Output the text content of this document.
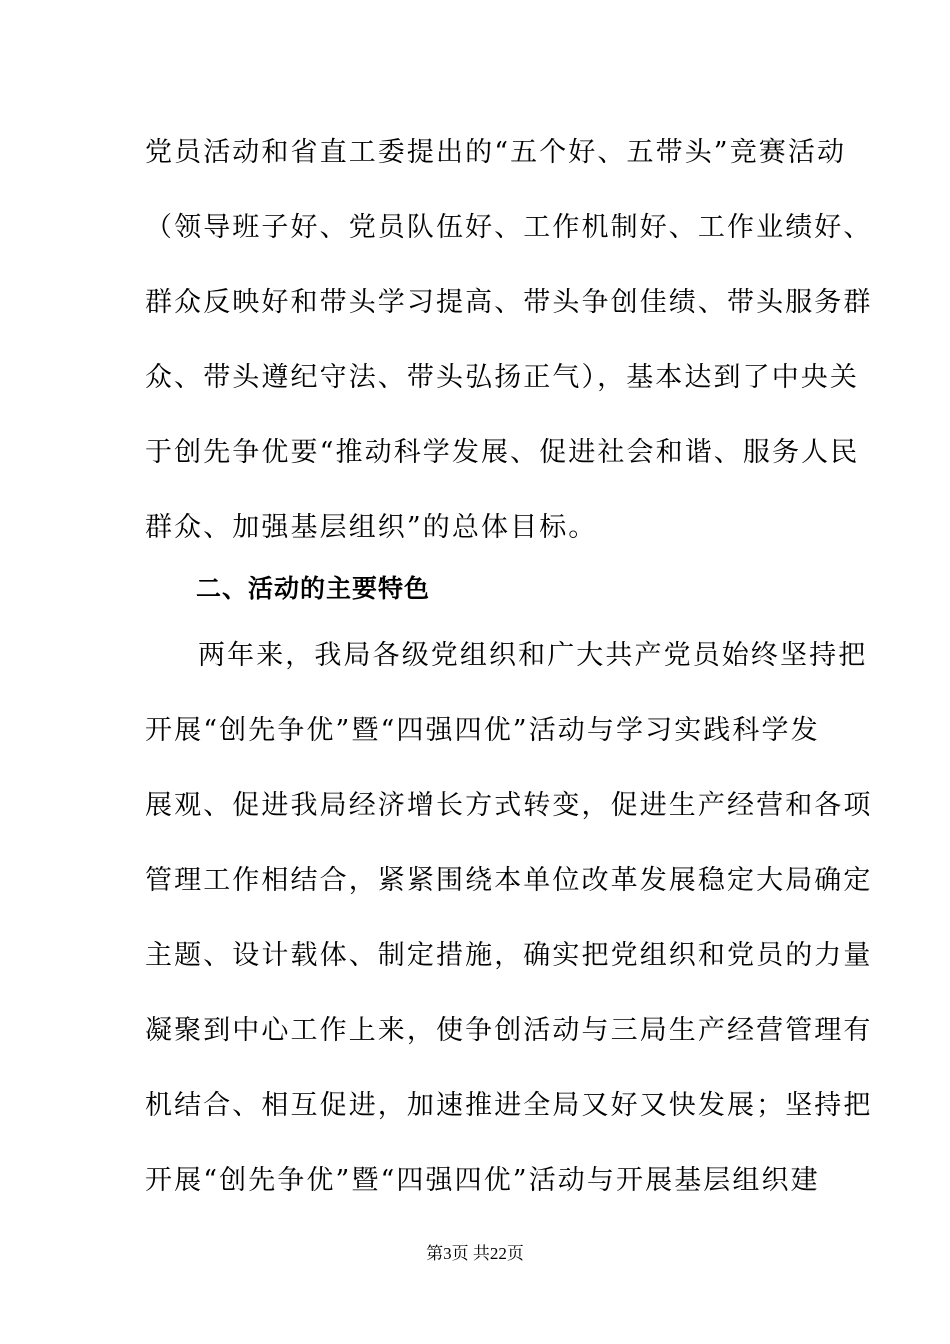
党员活动和省直工委提出的“五个好、五带头”竞赛活动
（领导班子好、党员队伍好、工作机制好、工作业绩好、
群众反映好和带头学习提高、带头争创佳绩、带头服务群
众、带头遵纪守法、带头弘扬正气），基本达到了中央关
于创先争优要“推动科学发展、促进社会和谐、服务人民
群众、加强基层组织”的总体目标。
二、活动的主要特色
两年来，我局各级党组织和广大共产党员始终坚持把
开展“创先争优”暨“四强四优”活动与学习实践科学发
展观、促进我局经济增长方式转变，促进生产经营和各项
管理工作相结合，紧紧围绕本单位改革发展稳定大局确定
主题、设计载体、制定措施，确实把党组织和党员的力量
凝聚到中心工作上来，使争创活动与三局生产经营管理有
机结合、相互促进，加速推进全局又好又快发展；坚持把
开展“创先争优”暨“四强四优”活动与开展基层组织建
第3页 共22页
